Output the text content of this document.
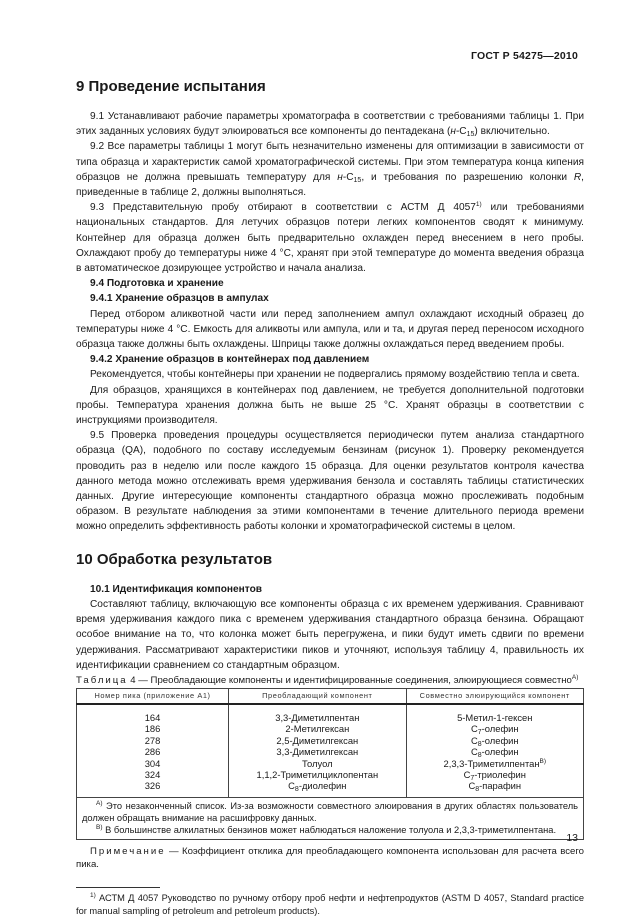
ГОСТ Р 54275—2010
9 Проведение испытания

9.1 Устанавливают рабочие параметры хроматографа в соответствии с требованиями таблицы 1. При этих заданных условиях будут элюироваться все компоненты до пентадекана $(н-C_{15})$ включительно.

9.2 Все параметры таблицы 1 могут быть незначительно изменены для оптимизации в зависимости от типа образца и характеристик самой хроматографической системы. При этом температура конца кипения образцов не должна превышать температуру для $н-C_{15}$, и требования по разрешению колонки R, приведенные в таблице 2, должны выполняться.

9.3 Представительную пробу отбирают в соответствии с АСТМ Д 4057$^{1)}$ или требованиями национальных стандартов. Для летучих образцов потери легких компонентов сводят к минимуму. Контейнер для образца должен быть предварительно охлажден перед внесением в него пробы. Охлаждают пробу до температуры ниже 4 °С, хранят при этой температуре до момента введения образца в автоматическое дозирующее устройство и начала анализа.

9.4 Подготовка и хранение

9.4.1 Хранение образцов в ампулах

Перед отбором аликвотной части или перед заполнением ампул охлаждают исходный образец до температуры ниже 4 °С. Емкость для аликвоты или ампула, или и та, и другая перед переносом исходного образца также должны быть охлаждены. Шприцы также должны охлаждаться перед введением пробы.

9.4.2 Хранение образцов в контейнерах под давлением

Рекомендуется, чтобы контейнеры при хранении не подвергались прямому воздействию тепла и света.

Для образцов, хранящихся в контейнерах под давлением, не требуется дополнительной подготовки пробы. Температура хранения должна быть не выше 25 °С. Хранят образцы в соответствии с инструкциями производителя.

9.5 Проверка проведения процедуры осуществляется периодически путем анализа стандартного образца (QA), подобного по составу исследуемым бензинам (рисунок 1). Проверку рекомендуется проводить раз в неделю или после каждого 15 образца. Для оценки результатов контроля качества данного метода можно отслеживать время удерживания бензола и составлять таблицы статистических данных. Другие интересующие компоненты стандартного образца можно прослеживать подобным образом. В результате наблюдения за этими компонентами в течение длительного периода времени можно определить эффективность работы колонки и хроматографической системы в целом.

10 Обработка результатов

10.1 Идентификация компонентов

Составляют таблицу, включающую все компоненты образца с их временем удерживания. Сравнивают время удерживания каждого пика с временем удерживания стандартного образца бензина. Обращают особое внимание на то, что колонка может быть перегружена, и пики будут иметь сдвиги по времени удерживания. Рассматривают характеристики пиков и уточняют, используя таблицу 4, правильность их идентификации сравнением со стандартным образцом.

Таблица 4 — Преобладающие компоненты и идентифицированные соединения, элюирующиеся совместно$^{A)}$
Номер пика (приложение А1)	Преобладающий компонент	Совместно элюирующийся компонент
164	3,3-Диметилпентан	5-Метил-1-гексен
186	2-Метилгексан	$C_7$-олефин
278	2,5-Диметилгексан	$C_8$-олефин
286	3,3-Диметилгексан	$C_8$-олефин
304	Толуол	2,3,3-Триметилпентан$^{B)}$
324	1,1,2-Триметилциклопентан	$C_7$-триолефин
326	$C_8$-диолефин	$C_8$-парафин

$^{A)}$ Это незаконченный список. Из-за возможности совместного элюирования в других областях пользователь должен обращать внимание на расшифровку данных.
$^{B)}$ В большинстве алкилатных бензинов может наблюдаться наложение толуола и 2,3,3-триметилпентана.		
Примечание — Коэффициент отклика для преобладающего компонента использован для расчета всего пика.

$^{1)}$ АСТМ Д 4057 Руководство по ручному отбору проб нефти и нефтепродуктов (ASTM D 4057, Standard practice for manual sampling of petroleum and petroleum products).

13
